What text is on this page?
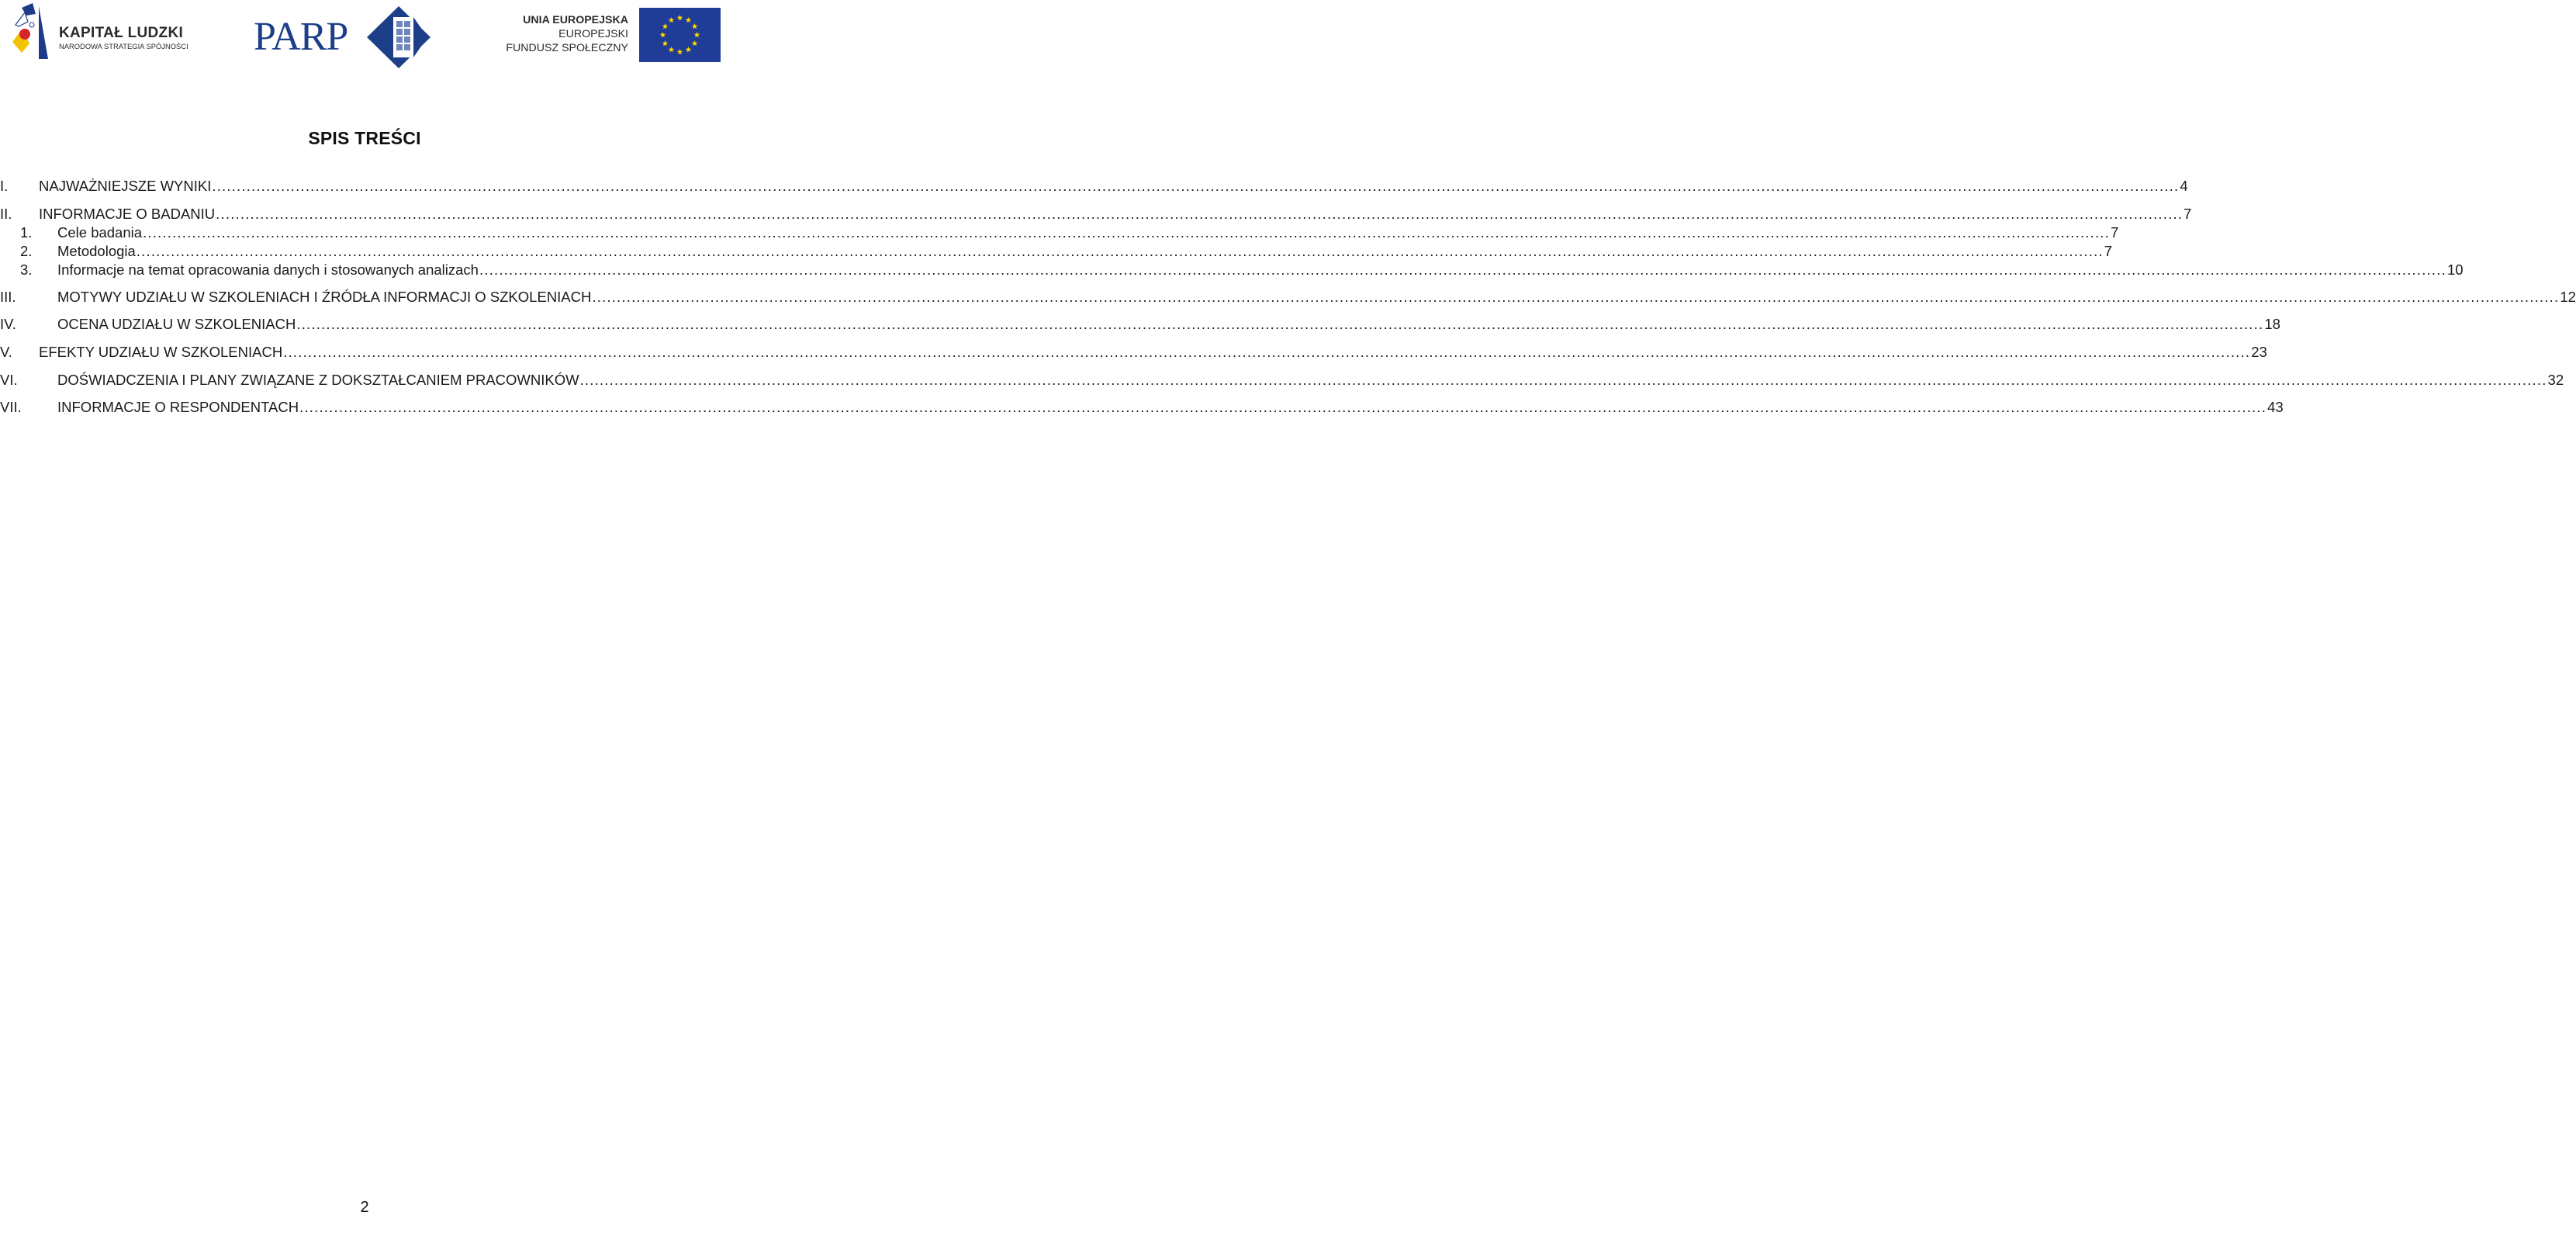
KAPITAŁ LUDZKI
NARODOWA STRATEGIA SPÓJNOŚCI PARP	UNIA EUROPEJSKA
EUROPEJSKI
FUNDUSZ SPOŁECZNY
SPIS TREŚCI
I. NAJWAŻNIEJSZE WYNIKI ................................................................................................................................................................................................................................................................................................................................................................................................................ 4
II. INFORMACJE O BADANIU ................................................................................................................................................................................................................................................................................................................................................................................................................ 7
1. Cele badania ................................................................................................................................................................................................................................................................................................................................................................................................................ 7
2. Metodologia ................................................................................................................................................................................................................................................................................................................................................................................................................ 7
3. Informacje na temat opracowania danych i stosowanych analizach ................................................................................................................................................................................................................................................................................................................................................................................................................ 10
III.	MOTYWY UDZIAŁU W SZKOLENIACH I ŹRÓDŁA INFORMACJI O SZKOLENIACH ................................................................................................................................................................................................................................................................................................................................................................................................................ 12
IV.	OCENA UDZIAŁU W SZKOLENIACH ................................................................................................................................................................................................................................................................................................................................................................................................................ 18
V. EFEKTY UDZIAŁU W SZKOLENIACH ................................................................................................................................................................................................................................................................................................................................................................................................................ 23
VI.	DOŚWIADCZENIA I PLANY ZWIĄZANE Z DOKSZTAŁCANIEM PRACOWNIKÓW ................................................................................................................................................................................................................................................................................................................................................................................................................ 32
VII. INFORMACJE O RESPONDENTACH ................................................................................................................................................................................................................................................................................................................................................................................................................ 43
2
